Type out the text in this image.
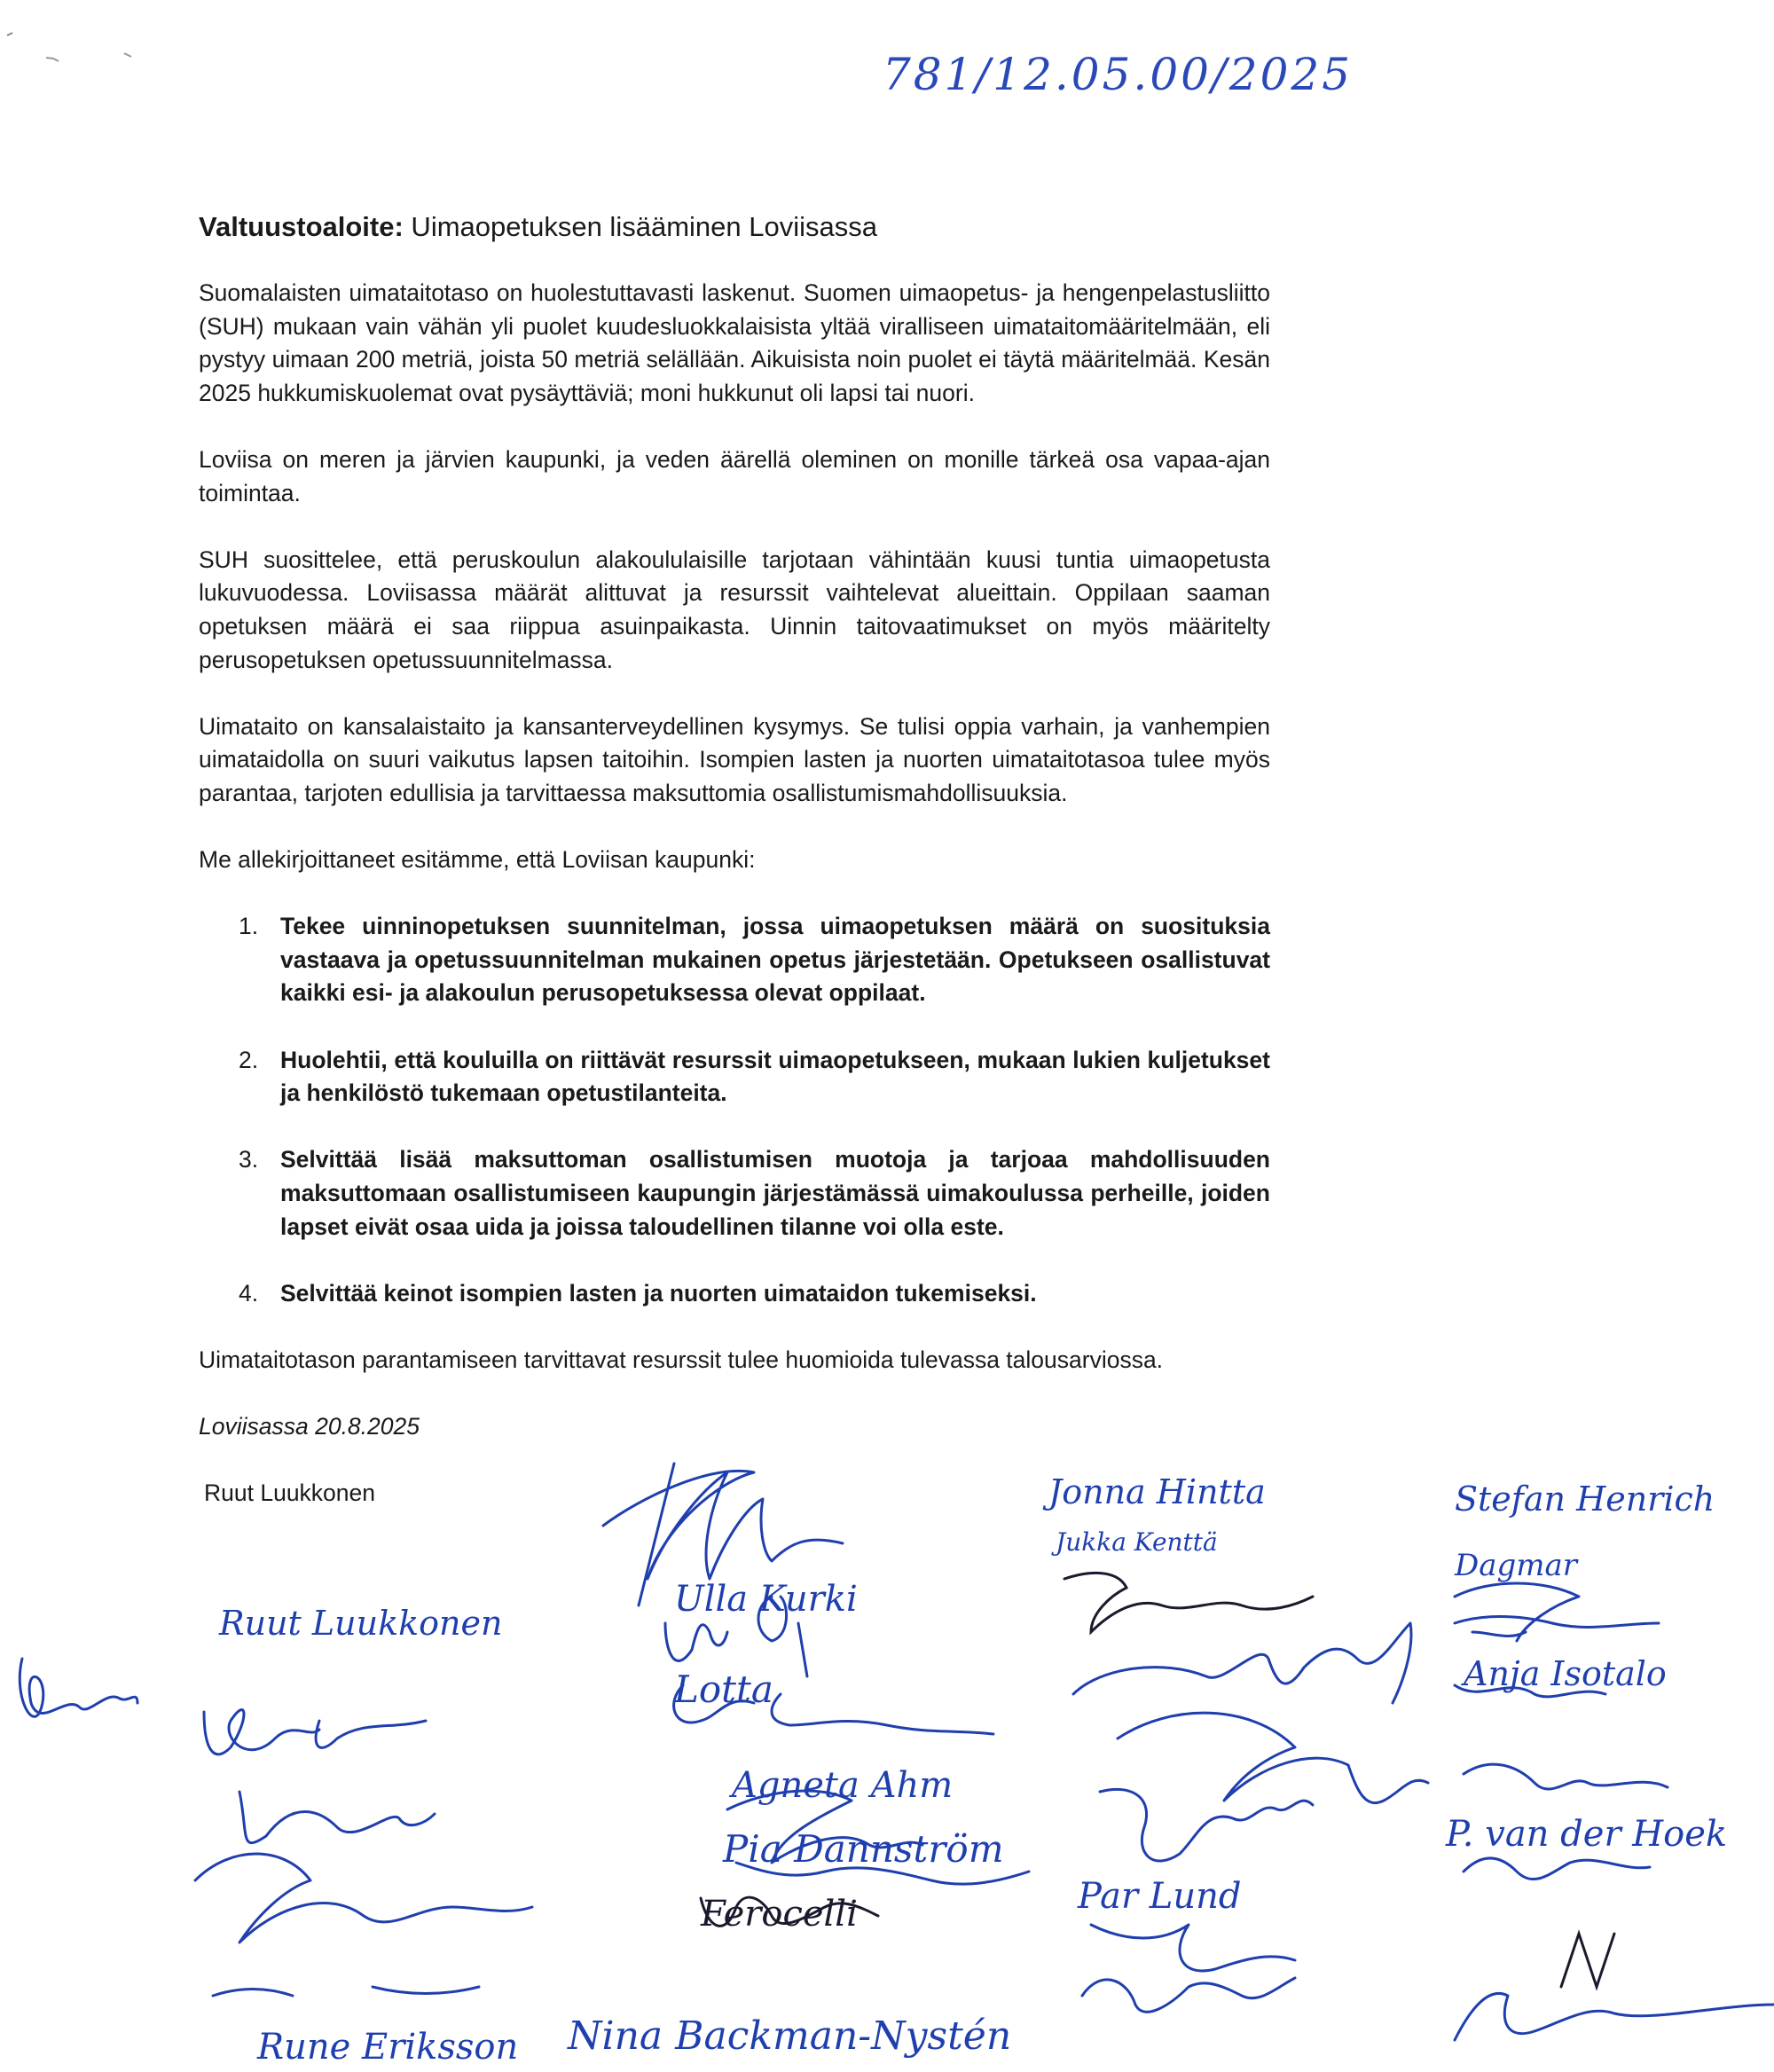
781/12.05.00/2025
Valtuustoaloite: Uimaopetuksen lisääminen Loviisassa

Suomalaisten uimataitotaso on huolestuttavasti laskenut. Suomen uimaopetus- ja hengenpelastusliitto (SUH) mukaan vain vähän yli puolet kuudesluokkalaisista yltää viralliseen uimataitomääritelmään, eli pystyy uimaan 200 metriä, joista 50 metriä selällään. Aikuisista noin puolet ei täytä määritelmää. Kesän 2025 hukkumiskuolemat ovat pysäyttäviä; moni hukkunut oli lapsi tai nuori.

Loviisa on meren ja järvien kaupunki, ja veden äärellä oleminen on monille tärkeä osa vapaa-ajan toimintaa.

SUH suosittelee, että peruskoulun alakoululaisille tarjotaan vähintään kuusi tuntia uimaopetusta lukuvuodessa. Loviisassa määrät alittuvat ja resurssit vaihtelevat alueittain. Oppilaan saaman opetuksen määrä ei saa riippua asuinpaikasta. Uinnin taitovaatimukset on myös määritelty perusopetuksen opetussuunnitelmassa.

Uimataito on kansalaistaito ja kansanterveydellinen kysymys. Se tulisi oppia varhain, ja vanhempien uimataidolla on suuri vaikutus lapsen taitoihin. Isompien lasten ja nuorten uimataitotasoa tulee myös parantaa, tarjoten edullisia ja tarvittaessa maksuttomia osallistumismahdollisuuksia.

Me allekirjoittaneet esitämme, että Loviisan kaupunki:

1. Tekee uinninopetuksen suunnitelman, jossa uimaopetuksen määrä on suosituksia vastaava ja opetussuunnitelman mukainen opetus järjestetään. Opetukseen osallistuvat kaikki esi- ja alakoulun perusopetuksessa olevat oppilaat.
2. Huolehtii, että kouluilla on riittävät resurssit uimaopetukseen, mukaan lukien kuljetukset ja henkilöstö tukemaan opetustilanteita.
3. Selvittää lisää maksuttoman osallistumisen muotoja ja tarjoaa mahdollisuuden maksuttomaan osallistumiseen kaupungin järjestämässä uimakoulussa perheille, joiden lapset eivät osaa uida ja joissa taloudellinen tilanne voi olla este.
4. Selvittää keinot isompien lasten ja nuorten uimataidon tukemiseksi.

Uimataitotason parantamiseen tarvittavat resurssit tulee huomioida tulevassa talousarviossa.

Loviisassa 20.8.2025

Ruut Luukkonen

Ruut Luukkonen
Jonna Hintta
Jukka Kenttä
Ulla Kurki
Lotta
Agneta Ahm
Pia Dannström
Ferocelli	Par Lund
Stefan Henrich
Dagmar
Anja Isotalo
P. van der Hoek
Rune Eriksson Nina Backman-Nystén
